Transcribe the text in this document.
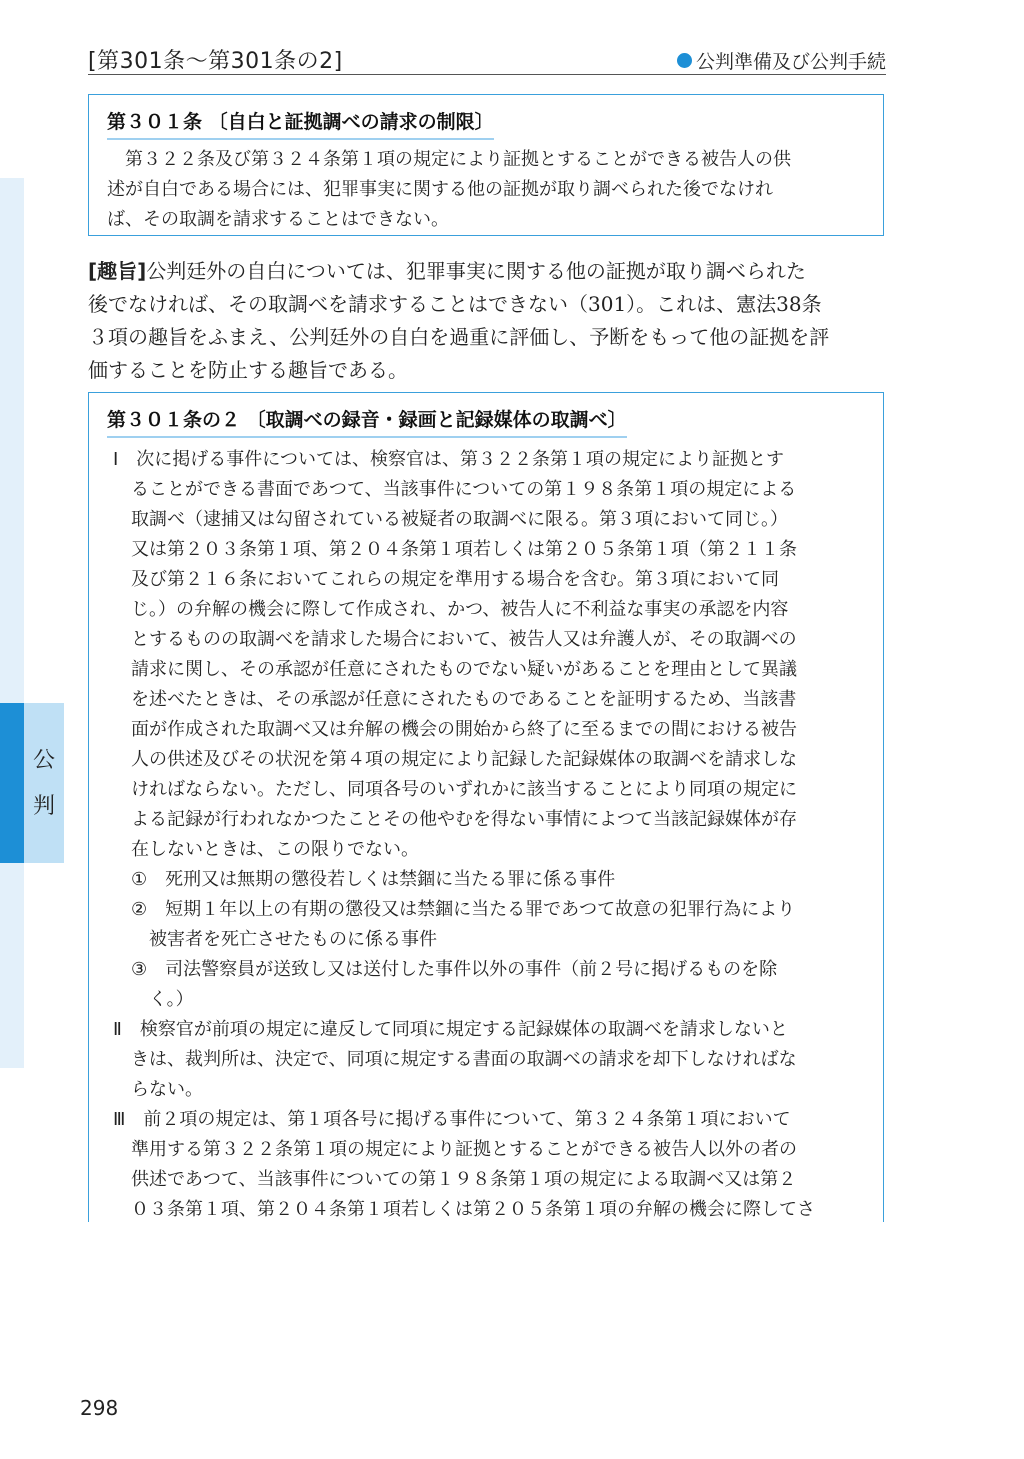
[第301条～第301条の2]	公判準備及び公判手続
公
判
第３０１条 〔自白と証拠調べの請求の制限〕
第３２２条及び第３２４条第１項の規定により証拠とすることができる被告人の供
述が自白である場合には、犯罪事実に関する他の証拠が取り調べられた後でなけれ
ば、その取調を請求することはできない。
[趣旨]公判廷外の自白については、犯罪事実に関する他の証拠が取り調べられた
後でなければ、その取調べを請求することはできない（301）。これは、憲法38条
３項の趣旨をふまえ、公判廷外の自白を過重に評価し、予断をもって他の証拠を評
価することを防止する趣旨である。
第３０１条の２ 〔取調べの録音・録画と記録媒体の取調べ〕
Ⅰ　次に掲げる事件については、検察官は、第３２２条第１項の規定により証拠とす
　ることができる書面であつて、当該事件についての第１９８条第１項の規定による
　取調べ（逮捕又は勾留されている被疑者の取調べに限る。第３項において同じ。）
　又は第２０３条第１項、第２０４条第１項若しくは第２０５条第１項（第２１１条
　及び第２１６条においてこれらの規定を準用する場合を含む。第３項において同
　じ。）の弁解の機会に際して作成され、かつ、被告人に不利益な事実の承認を内容
　とするものの取調べを請求した場合において、被告人又は弁護人が、その取調べの
　請求に関し、その承認が任意にされたものでない疑いがあることを理由として異議
　を述べたときは、その承認が任意にされたものであることを証明するため、当該書
　面が作成された取調べ又は弁解の機会の開始から終了に至るまでの間における被告
　人の供述及びその状況を第４項の規定により記録した記録媒体の取調べを請求しな
　ければならない。ただし、同項各号のいずれかに該当することにより同項の規定に
　よる記録が行われなかつたことその他やむを得ない事情によつて当該記録媒体が存
　在しないときは、この限りでない。
　①　死刑又は無期の懲役若しくは禁錮に当たる罪に係る事件
　②　短期１年以上の有期の懲役又は禁錮に当たる罪であつて故意の犯罪行為により
　　被害者を死亡させたものに係る事件
　③　司法警察員が送致し又は送付した事件以外の事件（前２号に掲げるものを除
　　く。）
Ⅱ　検察官が前項の規定に違反して同項に規定する記録媒体の取調べを請求しないと
　きは、裁判所は、決定で、同項に規定する書面の取調べの請求を却下しなければな
　らない。
Ⅲ　前２項の規定は、第１項各号に掲げる事件について、第３２４条第１項において
　準用する第３２２条第１項の規定により証拠とすることができる被告人以外の者の
　供述であつて、当該事件についての第１９８条第１項の規定による取調べ又は第２
　０３条第１項、第２０４条第１項若しくは第２０５条第１項の弁解の機会に際してさ
298
